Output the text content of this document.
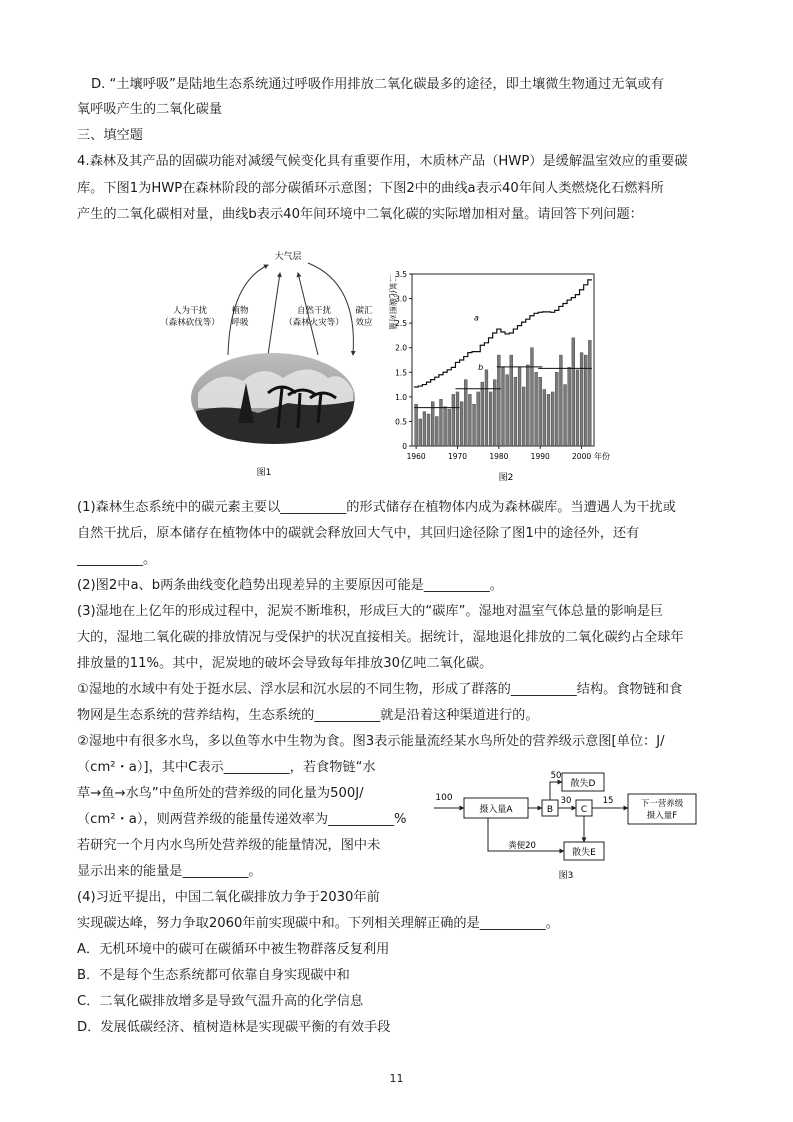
D. “土壤呼吸”是陆地生态系统通过呼吸作用排放二氧化碳最多的途径，即土壤微生物通过无氧或有
氧呼吸产生的二氧化碳量
三、填空题
4.森林及其产品的固碳功能对减缓气候变化具有重要作用，木质林产品（HWP）是缓解温室效应的重要碳
库。下图1为HWP在森林阶段的部分碳循环示意图；下图2中的曲线a表示40年间人类燃烧化石燃料所
产生的二氧化碳相对量，曲线b表示40年间环境中二氧化碳的实际增加相对量。请回答下列问题：
大气层
人为干扰
（森林砍伐等）
植物
呼吸
自然干扰
（森林火灾等）
碳汇
效应
图1
0
0.5
1.0
1.5
2.0
2.5
3.0
3.5
1960	1970	1980	1990	2000
a
b
二氧化碳相对量
图2
年份
(1)森林生态系统中的碳元素主要以__________的形式储存在植物体内成为森林碳库。当遭遇人为干扰或
自然干扰后，原本储存在植物体中的碳就会释放回大气中，其回归途径除了图1中的途径外，还有
__________。
(2)图2中a、b两条曲线变化趋势出现差异的主要原因可能是__________。
(3)湿地在上亿年的形成过程中，泥炭不断堆积，形成巨大的“碳库”。湿地对温室气体总量的影响是巨
大的，湿地二氧化碳的排放情况与受保护的状况直接相关。据统计，湿地退化排放的二氧化碳约占全球年
排放量的11%。其中，泥炭地的破坏会导致每年排放30亿吨二氧化碳。
①湿地的水域中有处于挺水层、浮水层和沉水层的不同生物，形成了群落的__________结构。食物链和食
物网是生态系统的营养结构，生态系统的__________就是沿着这种渠道进行的。
②湿地中有很多水鸟，多以鱼等水中生物为食。图3表示能量流经某水鸟所处的营养级示意图[单位：J/
（cm²・a）]，其中C表示__________，若食物链“水
草→鱼→水鸟”中鱼所处的营养级的同化量为500J/
（cm²・a），则两营养级的能量传递效率为__________%
若研究一个月内水鸟所处营养级的能量情况，图中未
显示出来的能量是__________。
(4)习近平提出，中国二氧化碳排放力争于2030年前
实现碳达峰，努力争取2060年前实现碳中和。下列相关理解正确的是__________。
A．无机环境中的碳可在碳循环中被生物群落反复利用
B．不是每个生态系统都可依靠自身实现碳中和
C．二氧化碳排放增多是导致气温升高的化学信息
D．发展低碳经济、植树造林是实现碳平衡的有效手段
100
摄入量A	B
50
散失D
30
C
15	下一营养级
摄入量F
散失E
粪便20
图3
11
